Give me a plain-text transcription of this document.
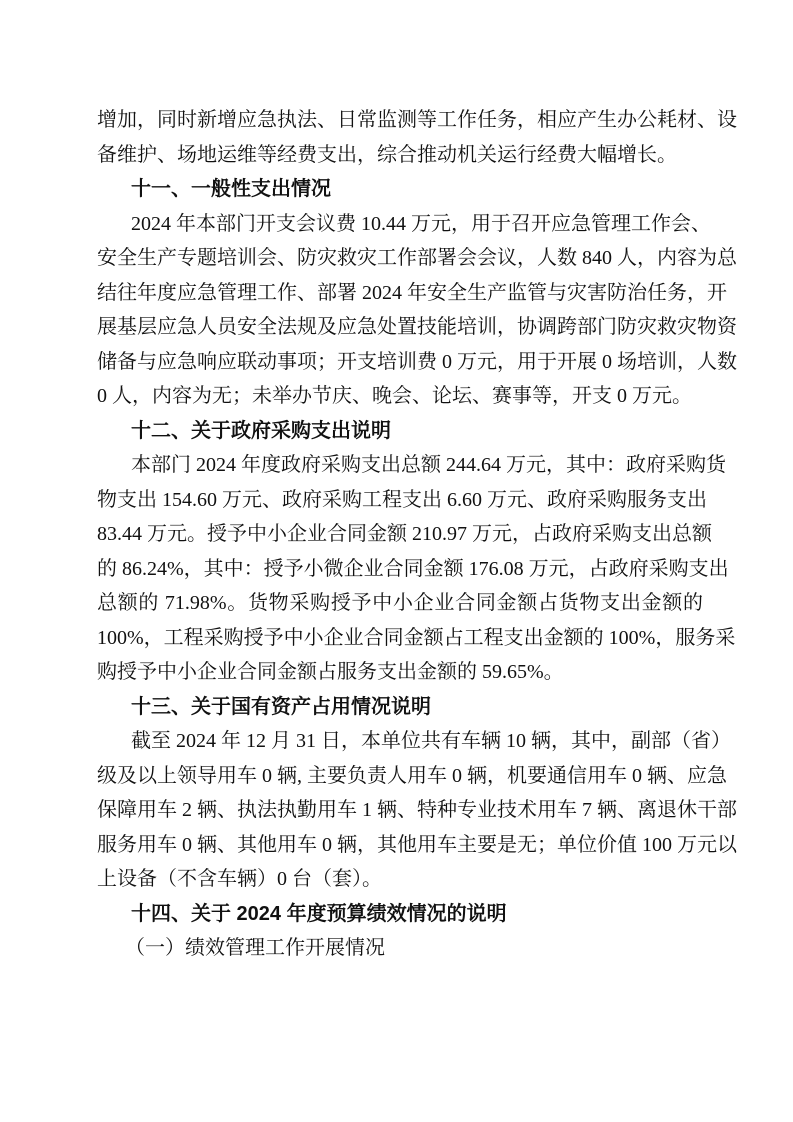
增加，同时新增应急执法、日常监测等工作任务，相应产生办公耗材、设
备维护、场地运维等经费支出，综合推动机关运行经费大幅增长。
十一、一般性支出情况
2024 年本部门开支会议费 10.44 万元，用于召开应急管理工作会、
安全生产专题培训会、防灾救灾工作部署会会议，人数 840 人，内容为总
结往年度应急管理工作、部署 2024 年安全生产监管与灾害防治任务，开
展基层应急人员安全法规及应急处置技能培训，协调跨部门防灾救灾物资
储备与应急响应联动事项；开支培训费 0 万元，用于开展 0 场培训，人数
0 人，内容为无；未举办节庆、晚会、论坛、赛事等，开支 0 万元。
十二、关于政府采购支出说明
本部门 2024 年度政府采购支出总额 244.64 万元，其中：政府采购货
物支出 154.60 万元、政府采购工程支出 6.60 万元、政府采购服务支出
83.44 万元。授予中小企业合同金额 210.97 万元，占政府采购支出总额
的 86.24%，其中：授予小微企业合同金额 176.08 万元，占政府采购支出
总额的 71.98%。货物采购授予中小企业合同金额占货物支出金额的
100%，工程采购授予中小企业合同金额占工程支出金额的 100%，服务采
购授予中小企业合同金额占服务支出金额的 59.65%。
十三、关于国有资产占用情况说明
截至 2024 年 12 月 31 日，本单位共有车辆 10 辆，其中，副部（省）
级及以上领导用车 0 辆, 主要负责人用车 0 辆，机要通信用车 0 辆、应急
保障用车 2 辆、执法执勤用车 1 辆、特种专业技术用车 7 辆、离退休干部
服务用车 0 辆、其他用车 0 辆，其他用车主要是无；单位价值 100 万元以
上设备（不含车辆）0 台（套）。
十四、关于 2024 年度预算绩效情况的说明
（一）绩效管理工作开展情况
